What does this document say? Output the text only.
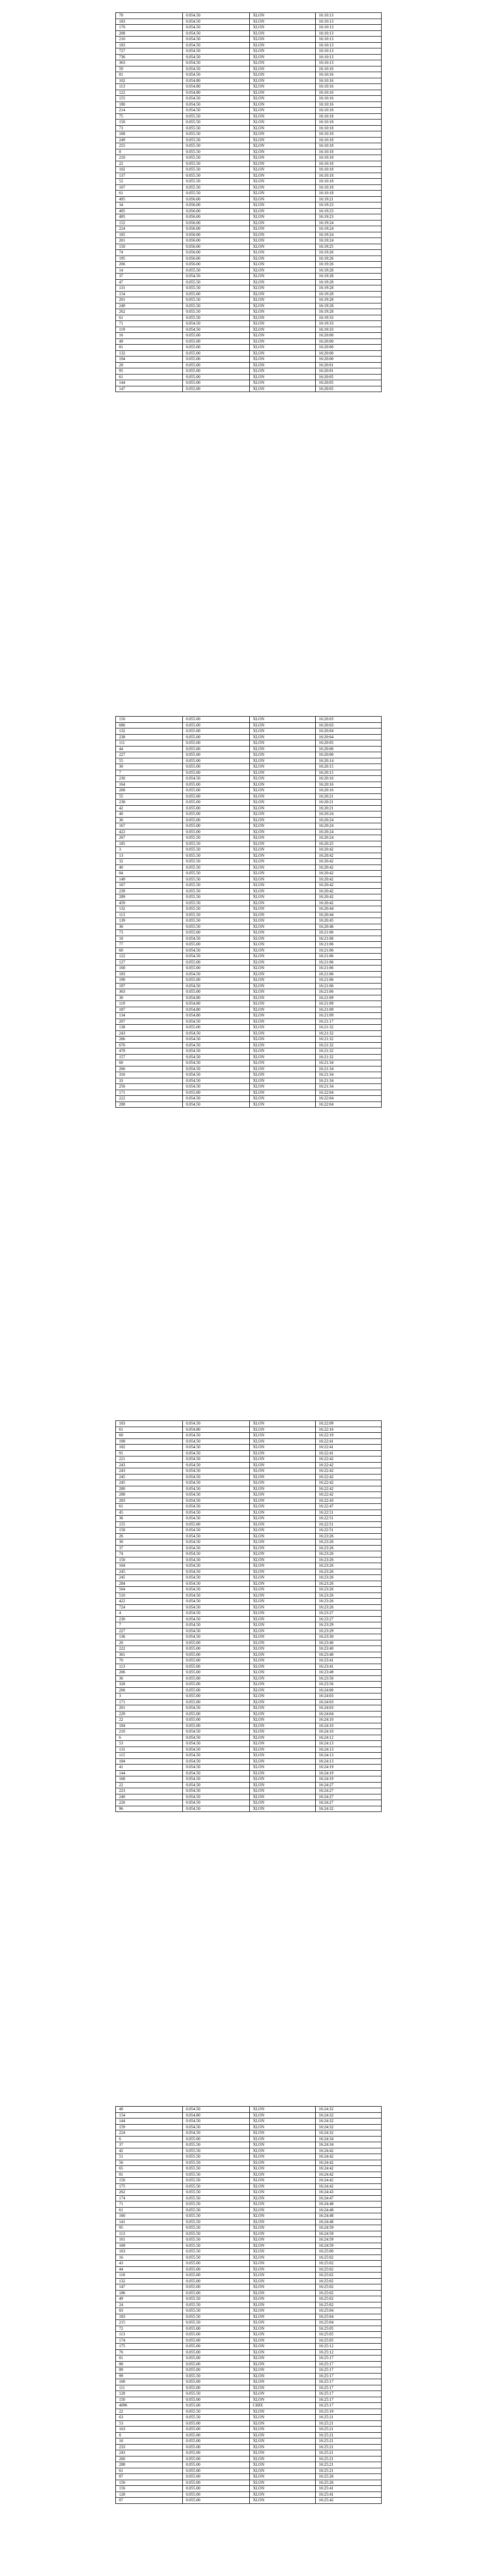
78	0.054.50	XLON	16:10:13
183	0.054.50	XLON	16:10:13
170	0.054.50	XLON	16:10:13
208	0.054.50	XLON	16:10:13
210	0.054.50	XLON	16:10:13
183	0.054.50	XLON	16:10:13
727	0.054.50	XLON	16:10:13
736	0.054.50	XLON	16:10:13
363	0.054.50	XLON	16:10:13
59	0.054.50	XLON	16:10:16
81	0.054.50	XLON	16:10:16
102	0.054.80	XLON	16:10:16
113	0.054.80	XLON	16:10:16
122	0.054.80	XLON	16:10:16
155	0.054.50	XLON	16:10:16
180	0.054.50	XLON	16:10:16
214	0.054.50	XLON	16:10:18
75	0.055.50	XLON	16:10:18
150	0.055.50	XLON	16:10:18
73	0.055.50	XLON	16:10:18
168	0.055.50	XLON	16:10:18
249	0.055.50	XLON	16:10:18
255	0.055.50	XLON	16:10:18
8	0.055.50	XLON	16:10:18
210	0.055.50	XLON	16:10:18
22	0.055.50	XLON	16:10:18
102	0.055.50	XLON	16:10:18
137	0.055.50	XLON	16:10:18
52	0.055.50	XLON	16:10:18
167	0.055.50	XLON	16:10:18
61	0.055.50	XLON	16:10:18
495	0.056.00	XLON	16:19:21
34	0.056.00	XLON	16:19:23
495	0.056.00	XLON	16:19:23
495	0.056.00	XLON	16:19:23
152	0.056.00	XLON	16:19:24
224	0.056.00	XLON	16:19:24
185	0.056.00	XLON	16:19:24
201	0.056.00	XLON	16:19:24
150	0.056.00	XLON	16:19:25
74	0.056.00	XLON	16:19:26
195	0.056.00	XLON	16:19:26
206	0.056.00	XLON	16:19:26
14	0.055.50	XLON	16:19:28
37	0.054.50	XLON	16:19:28
47	0.055.50	XLON	16:19:28
131	0.055.50	XLON	16:19:28
154	0.055.00	XLON	16:19:28
201	0.055.50	XLON	16:19:28
249	0.055.50	XLON	16:19:28
262	0.055.50	XLON	16:19:28
61	0.055.50	XLON	16:19:33
71	0.054.50	XLON	16:19:33
119	0.054.50	XLON	16:19:33
16	0.055.00	XLON	16:20:00
49	0.055.00	XLON	16:20:00
81	0.055.00	XLON	16:20:00
132	0.055.00	XLON	16:20:00
194	0.055.00	XLON	16:20:00
28	0.055.00	XLON	16:20:01
95	0.055.00	XLON	16:20:01
61	0.055.00	XLON	16:20:05
144	0.055.00	XLON	16:20:05
147	0.055.00	XLON	16:20:05
150	0.055.00	XLON	16:20:03
686	0.055.00	XLON	16:20:03
132	0.055.00	XLON	16:20:04
238	0.055.00	XLON	16:20:04
111	0.055.00	XLON	16:20:05
44	0.055.00	XLON	16:20:06
227	0.055.00	XLON	16:20:06
55	0.055.00	XLON	16:20:14
30	0.055.00	XLON	16:20:15
7	0.055.00	XLON	16:20:15
230	0.054.50	XLON	16:20:16
164	0.055.00	XLON	16:20:16
208	0.055.00	XLON	16:20:16
55	0.055.00	XLON	16:20:21
238	0.055.00	XLON	16:20:21
42	0.055.00	XLON	16:20:21
40	0.055.00	XLON	16:20:24
36	0.055.00	XLON	16:20:24
167	0.055.00	XLON	16:20:24
422	0.055.00	XLON	16:20:24
267	0.055.50	XLON	16:20:24
185	0.055.50	XLON	16:20:25
3	0.055.50	XLON	16:20:42
13	0.055.50	XLON	16:20:42
32	0.055.50	XLON	16:20:42
40	0.055.50	XLON	16:20:42
84	0.055.50	XLON	16:20:42
149	0.055.50	XLON	16:20:42
167	0.055.50	XLON	16:20:42
239	0.055.50	XLON	16:20:42
289	0.055.50	XLON	16:20:42
459	0.055.50	XLON	16:20:42
132	0.055.50	XLON	16:20:44
113	0.055.50	XLON	16:20:44
139	0.055.50	XLON	16:20:45
36	0.055.50	XLON	16:20:46
73	0.055.00	XLON	16:21:06
18	0.054.50	XLON	16:21:06
77	0.055.00	XLON	16:21:06
60	0.054.50	XLON	16:21:06
122	0.054.50	XLON	16:21:06
127	0.055.00	XLON	16:21:06
168	0.055.00	XLON	16:21:06
183	0.054.50	XLON	16:21:06
190	0.055.00	XLON	16:21:06
197	0.054.50	XLON	16:21:06
363	0.055.00	XLON	16:21:06
30	0.054.80	XLON	16:21:09
119	0.054.80	XLON	16:21:09
187	0.054.80	XLON	16:21:09
134	0.054.80	XLON	16:21:09
207	0.054.50	XLON	16:21:17
138	0.055.00	XLON	16:21:32
243	0.054.50	XLON	16:21:32
286	0.054.50	XLON	16:21:32
676	0.054.50	XLON	16:21:32
478	0.054.50	XLON	16:21:32
157	0.054.50	XLON	16:21:32
60	0.054.50	XLON	16:21:34
266	0.054.50	XLON	16:21:34
316	0.054.50	XLON	16:21:34
33	0.054.50	XLON	16:21:34
256	0.054.50	XLON	16:21:34
171	0.055.00	XLON	16:22:04
222	0.054.50	XLON	16:22:04
288	0.054.50	XLON	16:22:04
183	0.054.50	XLON	16:22:09
61	0.054.80	XLON	16:22:16
60	0.054.50	XLON	16:22:19
198	0.054.50	XLON	16:22:41
182	0.054.50	XLON	16:22:41
91	0.054.50	XLON	16:22:41
221	0.054.50	XLON	16:22:42
243	0.054.50	XLON	16:22:42
243	0.054.50	XLON	16:22:42
245	0.054.50	XLON	16:22:42
245	0.054.50	XLON	16:22:42
280	0.054.50	XLON	16:22:42
288	0.054.50	XLON	16:22:42
283	0.054.50	XLON	16:22:43
61	0.054.50	XLON	16:22:47
45	0.054.50	XLON	16:22:51
36	0.054.50	XLON	16:22:51
155	0.055.00	XLON	16:22:51
158	0.054.50	XLON	16:22:51
26	0.054.50	XLON	16:23:26
30	0.054.50	XLON	16:23:26
37	0.054.50	XLON	16:23:26
74	0.054.50	XLON	16:23:26
150	0.054.50	XLON	16:23:26
164	0.054.50	XLON	16:23:26
245	0.054.50	XLON	16:23:26
245	0.054.50	XLON	16:23:26
284	0.054.50	XLON	16:23:26
504	0.054.50	XLON	16:23:26
510	0.054.50	XLON	16:23:26
422	0.054.50	XLON	16:23:26
724	0.054.50	XLON	16:23:26
4	0.054.50	XLON	16:23:27
230	0.054.50	XLON	16:23:27
7	0.054.50	XLON	16:23:29
227	0.054.50	XLON	16:23:29
136	0.054.50	XLON	16:23:30
20	0.055.00	XLON	16:23:40
222	0.055.00	XLON	16:23:40
361	0.055.00	XLON	16:23:40
70	0.055.00	XLON	16:23:41
113	0.055.00	XLON	16:23:41
206	0.055.00	XLON	16:23:49
36	0.055.00	XLON	16:23:50
328	0.055.00	XLON	16:23:56
206	0.055.00	XLON	16:24:00
3	0.055.00	XLON	16:24:03
171	0.055.00	XLON	16:24:03
201	0.054.50	XLON	16:24:03
229	0.055.00	XLON	16:24:04
22	0.055.00	XLON	16:24:10
184	0.055.00	XLON	16:24:10
210	0.054.50	XLON	16:24:10
6	0.054.50	XLON	16:24:12
53	0.054.50	XLON	16:24:13
131	0.054.50	XLON	16:24:13
115	0.054.50	XLON	16:24:13
184	0.054.50	XLON	16:24:13
41	0.054.50	XLON	16:24:19
144	0.054.50	XLON	16:24:19
168	0.054.50	XLON	16:24:19
22	0.054.50	XLON	16:24:27
223	0.054.50	XLON	16:24:27
240	0.054.50	XLON	16:24:27
226	0.054.50	XLON	16:24:27
96	0.054.50	XLON	16:24:32
48	0.054.50	XLON	16:24:32
154	0.054.80	XLON	16:24:32
144	0.054.50	XLON	16:24:32
159	0.054.50	XLON	16:24:32
224	0.054.50	XLON	16:24:32
6	0.055.00	XLON	16:24:34
37	0.055.50	XLON	16:24:34
42	0.055.50	XLON	16:24:42
51	0.055.50	XLON	16:24:42
56	0.055.50	XLON	16:24:42
65	0.055.50	XLON	16:24:42
81	0.055.50	XLON	16:24:42
150	0.055.50	XLON	16:24:42
175	0.055.50	XLON	16:24:42
262	0.055.50	XLON	16:24:43
174	0.055.50	XLON	16:24:47
71	0.055.50	XLON	16:24:48
61	0.055.50	XLON	16:24:48
160	0.055.50	XLON	16:24:48
141	0.055.50	XLON	16:24:48
95	0.055.50	XLON	16:24:59
113	0.055.50	XLON	16:24:59
101	0.055.50	XLON	16:24:59
169	0.055.50	XLON	16:24:59
163	0.055.50	XLON	16:25:00
16	0.055.50	XLON	16:25:02
43	0.055.00	XLON	16:25:02
44	0.055.00	XLON	16:25:02
118	0.055.00	XLON	16:25:02
132	0.055.00	XLON	16:25:02
147	0.055.00	XLON	16:25:02
186	0.055.00	XLON	16:25:02
49	0.055.50	XLON	16:25:02
24	0.055.50	XLON	16:25:02
83	0.055.50	XLON	16:25:04
183	0.055.50	XLON	16:25:04
215	0.055.50	XLON	16:25:04
72	0.055.00	XLON	16:25:05
113	0.055.00	XLON	16:25:05
174	0.055.00	XLON	16:25:05
175	0.055.00	XLON	16:25:12
76	0.055.00	XLON	16:25:12
81	0.055.00	XLON	16:25:17
88	0.055.00	XLON	16:25:17
89	0.055.00	XLON	16:25:17
99	0.055.50	XLON	16:25:17
168	0.055.00	XLON	16:25:17
111	0.055.00	XLON	16:25:17
128	0.055.50	XLON	16:25:17
150	0.055.00	XLON	16:25:17
4096	0.055.00	CHIX	16:25:17
22	0.055.50	XLON	16:25:19
63	0.055.50	XLON	16:25:21
53	0.055.00	XLON	16:25:21
163	0.055.00	XLON	16:25:21
8	0.055.00	XLON	16:25:21
16	0.055.00	XLON	16:25:21
233	0.055.00	XLON	16:25:21
243	0.055.00	XLON	16:25:21
260	0.055.00	XLON	16:25:21
288	0.055.00	XLON	16:25:21
61	0.055.00	XLON	16:25:21
87	0.055.00	XLON	16:25:26
156	0.055.00	XLON	16:25:26
156	0.055.00	XLON	16:25:41
128	0.055.00	XLON	16:25:41
87	0.055.00	XLON	16:25:42
